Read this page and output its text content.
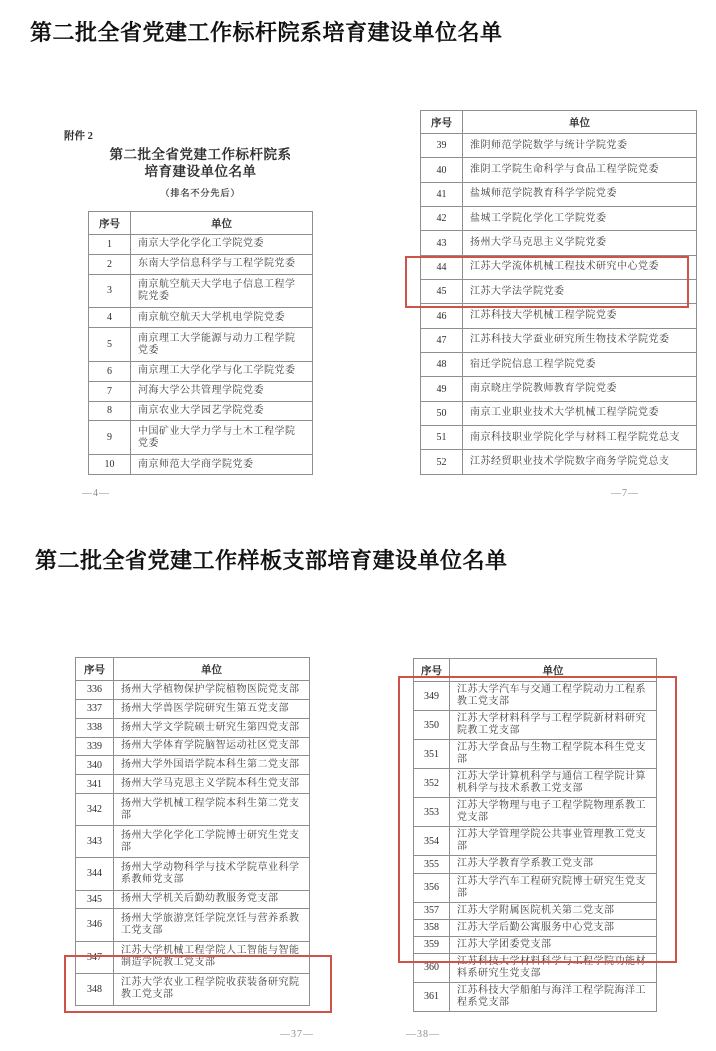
第二批全省党建工作标杆院系培育建设单位名单
附件 2
第二批全省党建工作标杆院系
培育建设单位名单
（排名不分先后）
序号	单位
1	南京大学化学化工学院党委
2	东南大学信息科学与工程学院党委
3	南京航空航天大学电子信息工程学院党委
4	南京航空航天大学机电学院党委
5	南京理工大学能源与动力工程学院党委
6	南京理工大学化学与化工学院党委
7	河海大学公共管理学院党委
8	南京农业大学园艺学院党委
9	中国矿业大学力学与土木工程学院党委
10	南京师范大学商学院党委
—4—
序号	单位
39	淮阴师范学院数学与统计学院党委
40	淮阴工学院生命科学与食品工程学院党委
41	盐城师范学院教育科学学院党委
42	盐城工学院化学化工学院党委
43	扬州大学马克思主义学院党委
44	江苏大学流体机械工程技术研究中心党委
45	江苏大学法学院党委
46	江苏科技大学机械工程学院党委
47	江苏科技大学蚕业研究所生物技术学院党委
48	宿迁学院信息工程学院党委
49	南京晓庄学院教师教育学院党委
50	南京工业职业技术大学机械工程学院党委
51	南京科技职业学院化学与材料工程学院党总支
52	江苏经贸职业技术学院数字商务学院党总支
—7—
第二批全省党建工作样板支部培育建设单位名单
序号	单位
336	扬州大学植物保护学院植物医院党支部
337	扬州大学兽医学院研究生第五党支部
338	扬州大学文学院硕士研究生第四党支部
339	扬州大学体育学院脑智运动社区党支部
340	扬州大学外国语学院本科生第二党支部
341	扬州大学马克思主义学院本科生党支部
342	扬州大学机械工程学院本科生第二党支部
343	扬州大学化学化工学院博士研究生党支部
344	扬州大学动物科学与技术学院草业科学系教师党支部
345	扬州大学机关后勤幼教服务党支部
346	扬州大学旅游烹饪学院烹饪与营养系教工党支部
347	江苏大学机械工程学院人工智能与智能制造学院教工党支部
348	江苏大学农业工程学院收获装备研究院教工党支部
—37—
序号	单位
349	江苏大学汽车与交通工程学院动力工程系教工党支部
350	江苏大学材料科学与工程学院新材料研究院教工党支部
351	江苏大学食品与生物工程学院本科生党支部
352	江苏大学计算机科学与通信工程学院计算机科学与技术系教工党支部
353	江苏大学物理与电子工程学院物理系教工党支部
354	江苏大学管理学院公共事业管理教工党支部
355	江苏大学教育学系教工党支部
356	江苏大学汽车工程研究院博士研究生党支部
357	江苏大学附属医院机关第二党支部
358	江苏大学后勤公寓服务中心党支部
359	江苏大学团委党支部
360	江苏科技大学材料科学与工程学院功能材料系研究生党支部
361	江苏科技大学船舶与海洋工程学院海洋工程系党支部
—38—
